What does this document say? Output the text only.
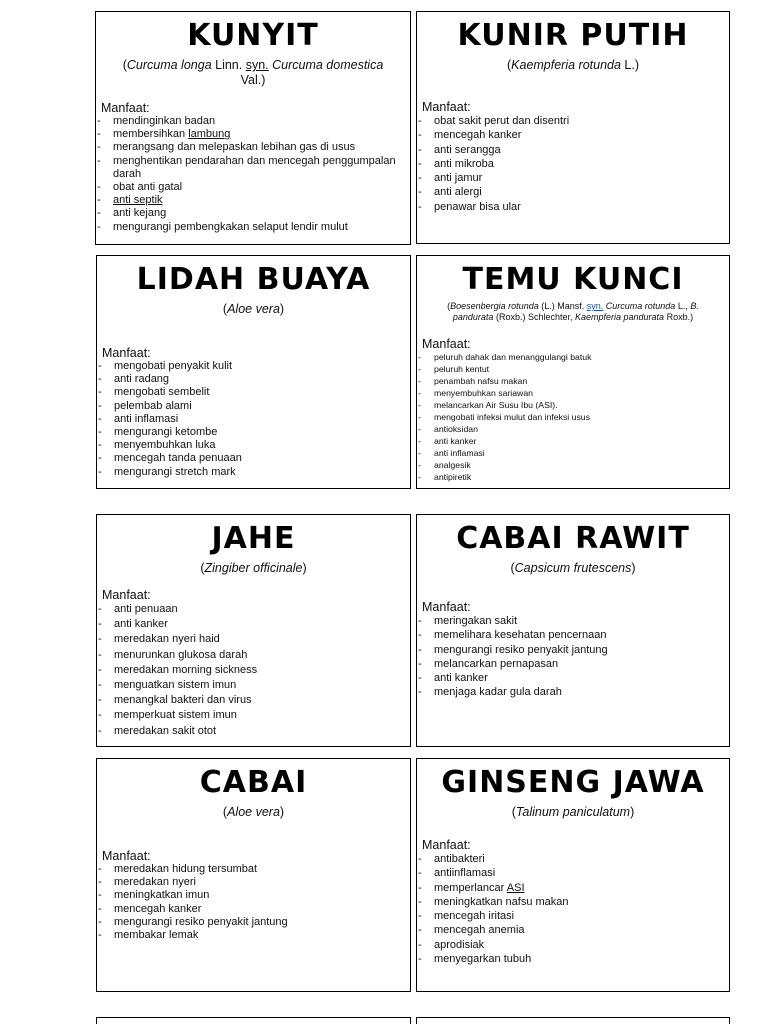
KUNYIT
(Curcuma longa Linn. syn. Curcuma domestica Val.)
Manfaat:
- mendinginkan badan
- membersihkan lambung
- merangsang dan melepaskan lebihan gas di usus
- menghentikan pendarahan dan mencegah penggumpalan darah
- obat anti gatal
- anti septik
- anti kejang
- mengurangi pembengkakan selaput lendir mulut
KUNIR PUTIH
(Kaempferia rotunda L.)
Manfaat:
- obat sakit perut dan disentri
- mencegah kanker
- anti serangga
- anti mikroba
- anti jamur
- anti alergi
- penawar bisa ular
LIDAH BUAYA
(Aloe vera)
Manfaat:
- mengobati penyakit kulit
- anti radang
- mengobati sembelit
- pelembab alami
- anti inflamasi
- mengurangi ketombe
- menyembuhkan luka
- mencegah tanda penuaan
- mengurangi stretch mark
TEMU KUNCI
(Boesenbergia rotunda (L.) Mansf. syn. Curcuma rotunda L., B. pandurata (Roxb.) Schlechter, Kaempferia pandurata Roxb.)
Manfaat:
- peluruh dahak dan menanggulangi batuk
- peluruh kentut
- penambah nafsu makan
- menyembuhkan sariawan
- melancarkan Air Susu Ibu (ASI).
- mengobati infeksi mulut dan infeksi usus
- antioksidan
- anti kanker
- anti inflamasi
- analgesik
- antipiretik
JAHE
(Zingiber officinale)
Manfaat:
- anti penuaan
- anti kanker
- meredakan nyeri haid
- menurunkan glukosa darah
- meredakan morning sickness
- menguatkan sistem imun
- menangkal bakteri dan virus
- memperkuat sistem imun
- meredakan sakit otot
CABAI RAWIT
(Capsicum frutescens)
Manfaat:
- meringakan sakit
- memelihara kesehatan pencernaan
- mengurangi resiko penyakit jantung
- melancarkan pernapasan
- anti kanker
- menjaga kadar gula darah
CABAI
(Aloe vera)
Manfaat:
- meredakan hidung tersumbat
- meredakan nyeri
- meningkatkan imun
- mencegah kanker
- mengurangi resiko penyakit jantung
- membakar lemak
GINSENG JAWA
(Talinum paniculatum)
Manfaat:
- antibakteri
- antiinflamasi
- memperlancar ASI
- meningkatkan nafsu makan
- mencegah iritasi
- mencegah anemia
- aprodisiak
- menyegarkan tubuh
